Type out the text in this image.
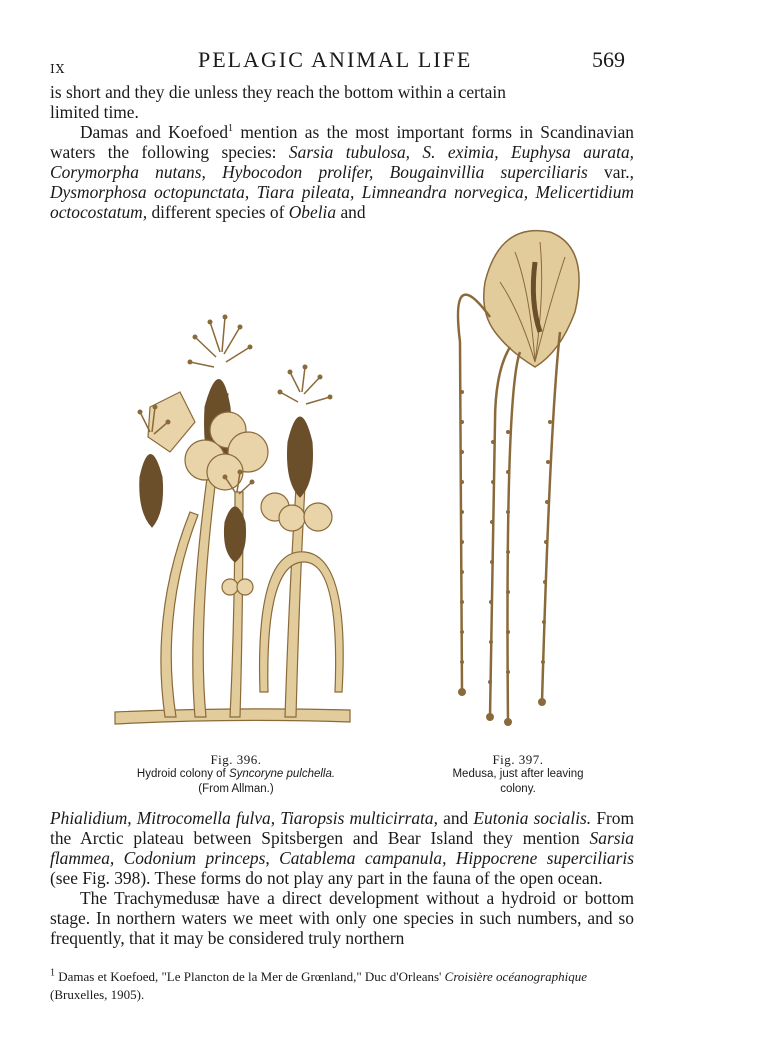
IX	PELAGIC ANIMAL LIFE	569

is short and they die unless they reach the bottom within a certain
limited time.

Damas and Koefoed$^1$ mention as the most important forms in Scandinavian waters the following species: Sarsia tubulosa, S. eximia, Euphysa aurata, Corymorpha nutans, Hybocodon prolifer, Bougainvillia superciliaris var., Dysmorphosa octopunctata, Tiara pileata, Limneandra norvegica, Melicertidium octocostatum, different species of Obelia and

Fig. 396.
Hydroid colony of Syncoryne pulchella.
(From Allman.)
Fig. 397.
Medusa, just after leaving
colony.

Phialidium, Mitrocomella fulva, Tiaropsis multicirrata, and Eutonia socialis. From the Arctic plateau between Spitsbergen and Bear Island they mention Sarsia flammea, Codonium princeps, Catablema campanula, Hippocrene superciliaris (see Fig. 398). These forms do not play any part in the fauna of the open ocean.

The Trachymedusæ have a direct development without a hydroid or bottom stage. In northern waters we meet with only one species in such numbers, and so frequently, that it may be considered truly northern

$^1$ Damas et Koefoed, "Le Plancton de la Mer de Grœnland," Duc d'Orleans' Croisière océanographique (Bruxelles, 1905).
